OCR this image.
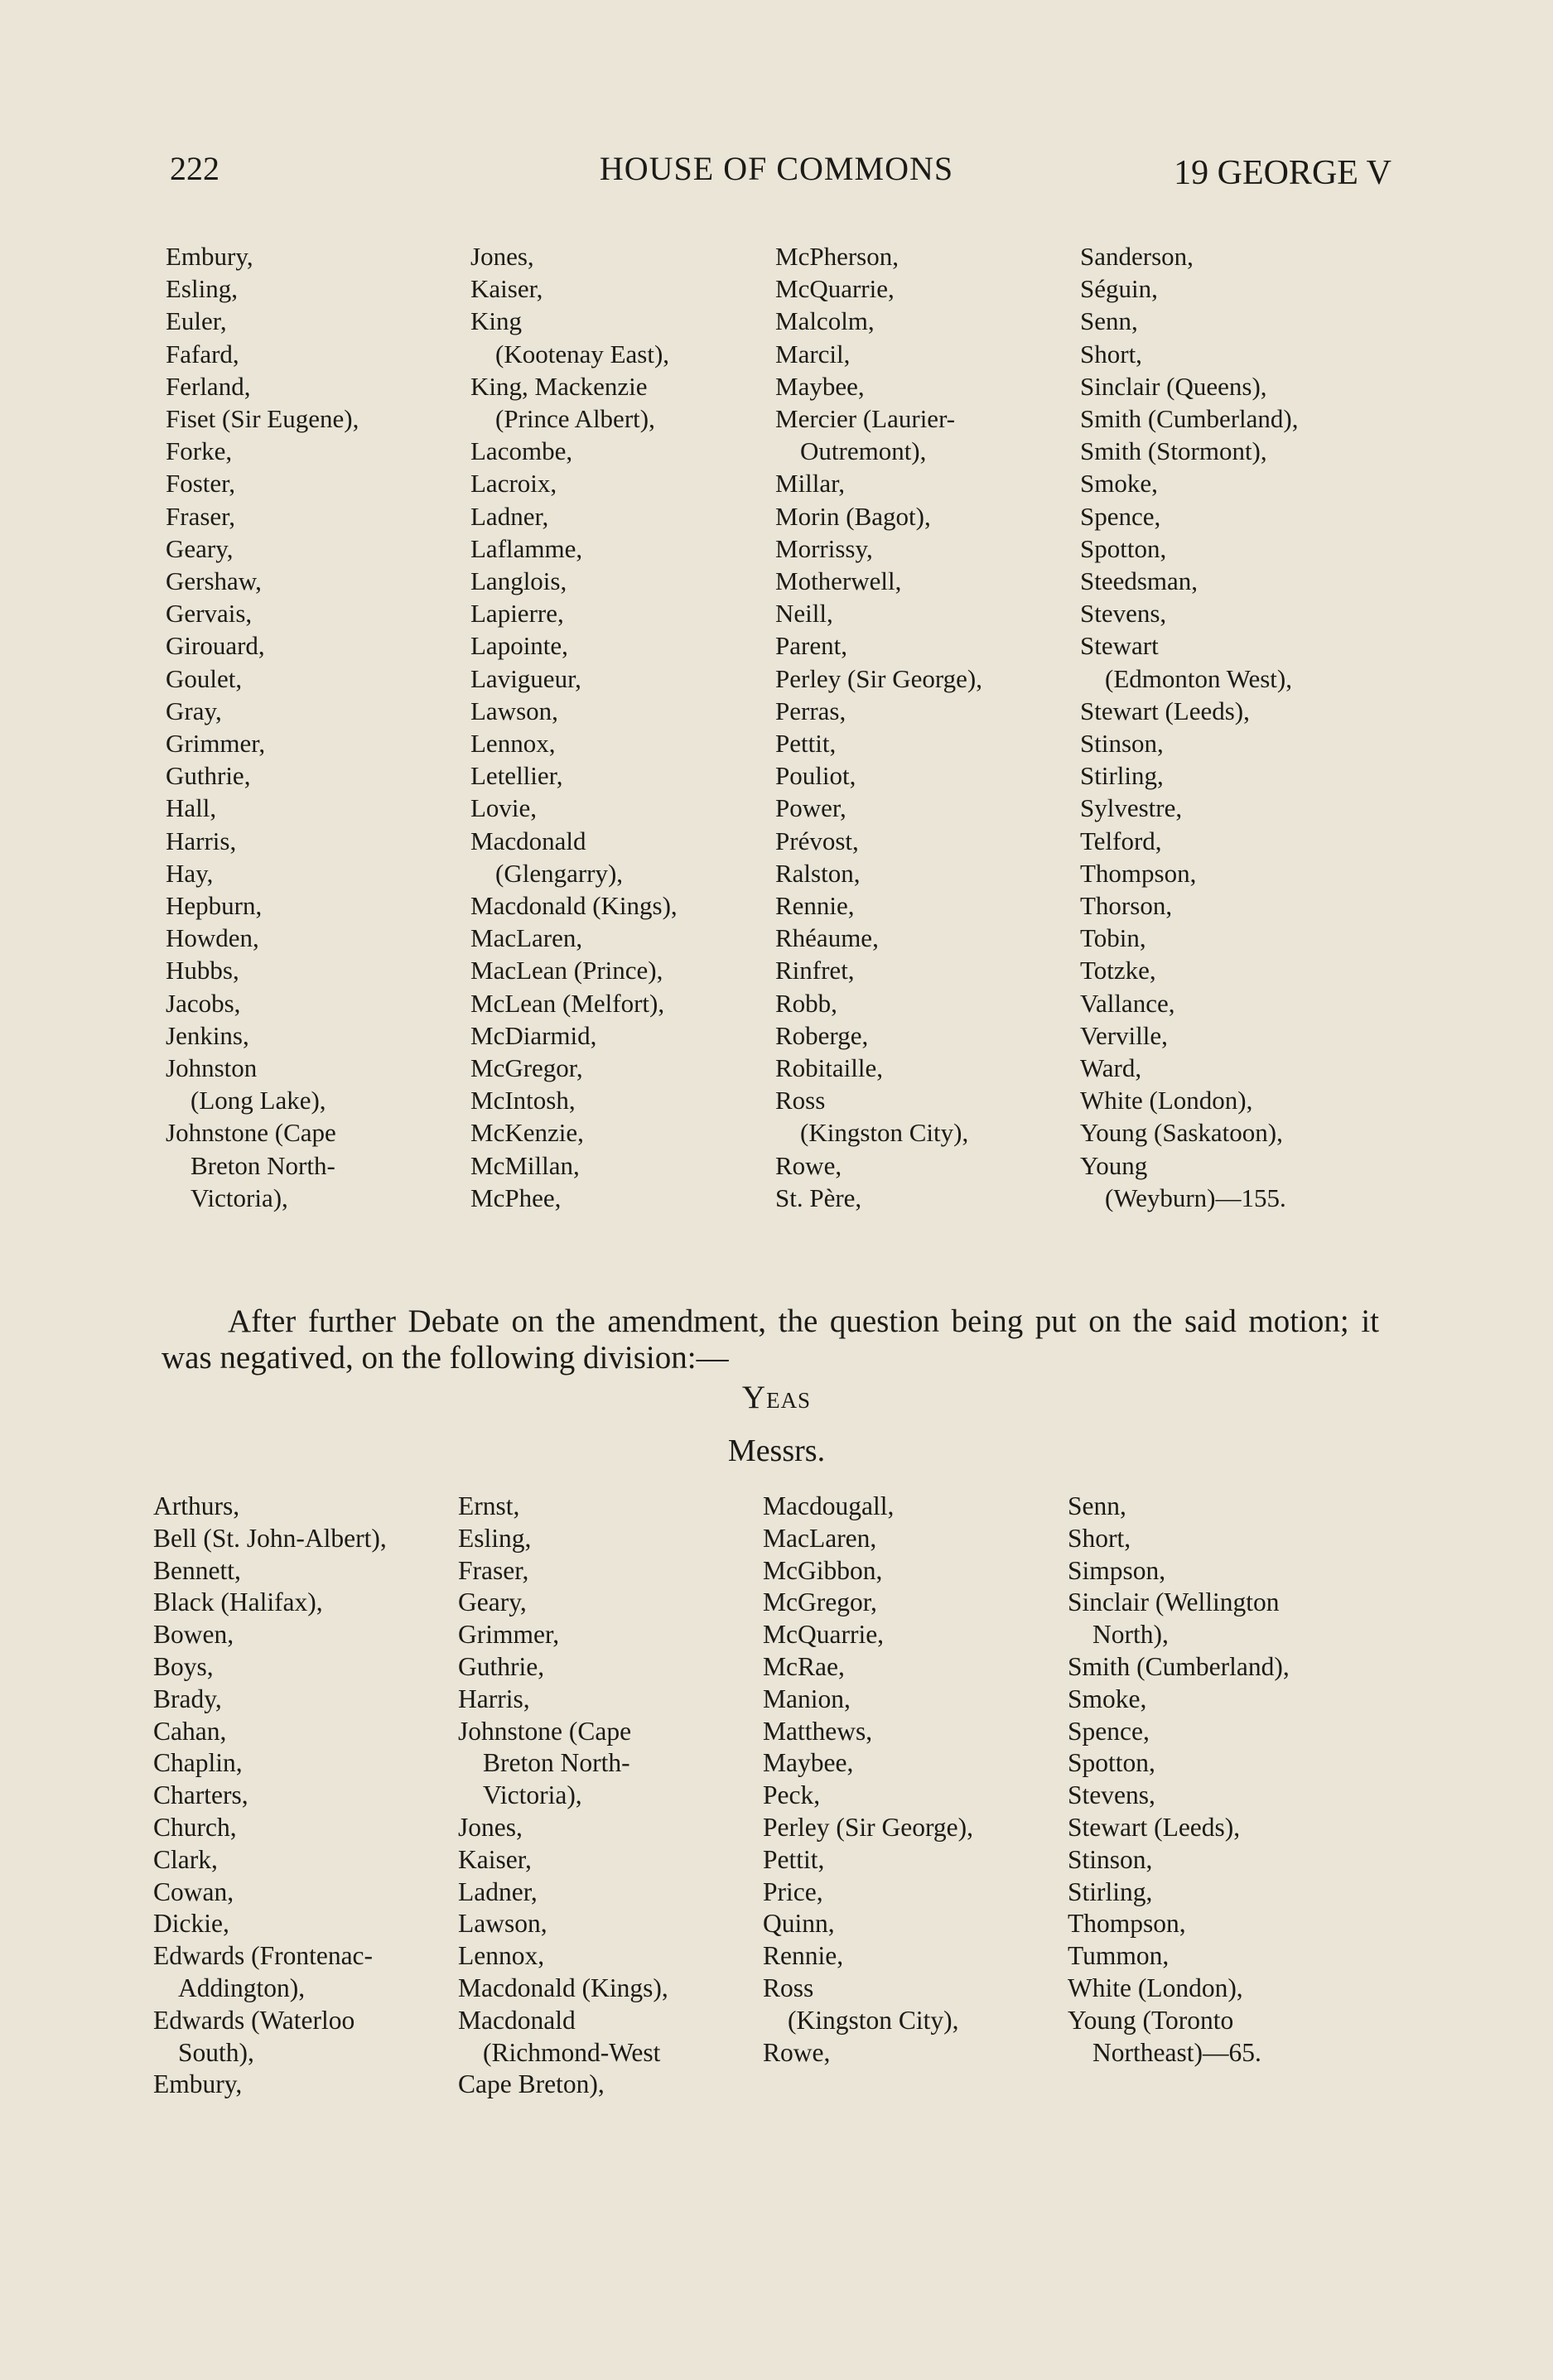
222	HOUSE OF COMMONS	19 GEORGE V
Embury,
Esling,
Euler,
Fafard,
Ferland,
Fiset (Sir Eugene),
Forke,
Foster,
Fraser,
Geary,
Gershaw,
Gervais,
Girouard,
Goulet,
Gray,
Grimmer,
Guthrie,
Hall,
Harris,
Hay,
Hepburn,
Howden,
Hubbs,
Jacobs,
Jenkins,
Johnston
(Long Lake),
Johnstone (Cape
Breton North-
Victoria),
Jones,
Kaiser,
King
(Kootenay East),
King, Mackenzie
(Prince Albert),
Lacombe,
Lacroix,
Ladner,
Laflamme,
Langlois,
Lapierre,
Lapointe,
Lavigueur,
Lawson,
Lennox,
Letellier,
Lovie,
Macdonald
(Glengarry),
Macdonald (Kings),
MacLaren,
MacLean (Prince),
McLean (Melfort),
McDiarmid,
McGregor,
McIntosh,
McKenzie,
McMillan,
McPhee,
McPherson,
McQuarrie,
Malcolm,
Marcil,
Maybee,
Mercier (Laurier-
Outremont),
Millar,
Morin (Bagot),
Morrissy,
Motherwell,
Neill,
Parent,
Perley (Sir George),
Perras,
Pettit,
Pouliot,
Power,
Prévost,
Ralston,
Rennie,
Rhéaume,
Rinfret,
Robb,
Roberge,
Robitaille,
Ross
(Kingston City),
Rowe,
St. Père,
Sanderson,
Séguin,
Senn,
Short,
Sinclair (Queens),
Smith (Cumberland),
Smith (Stormont),
Smoke,
Spence,
Spotton,
Steedsman,
Stevens,
Stewart
(Edmonton West),
Stewart (Leeds),
Stinson,
Stirling,
Sylvestre,
Telford,
Thompson,
Thorson,
Tobin,
Totzke,
Vallance,
Verville,
Ward,
White (London),
Young (Saskatoon),
Young
(Weyburn)—155.

After further Debate on the amendment, the question being put on the said motion; it was negatived, on the following division:—

Yeas
Messrs.
Arthurs,
Bell (St. John-Albert),
Bennett,
Black (Halifax),
Bowen,
Boys,
Brady,
Cahan,
Chaplin,
Charters,
Church,
Clark,
Cowan,
Dickie,
Edwards (Frontenac-
Addington),
Edwards (Waterloo
South),
Embury,
Ernst,
Esling,
Fraser,
Geary,
Grimmer,
Guthrie,
Harris,
Johnstone (Cape
Breton North-
Victoria),
Jones,
Kaiser,
Ladner,
Lawson,
Lennox,
Macdonald (Kings),
Macdonald
(Richmond-West
Cape Breton),
Macdougall,
MacLaren,
McGibbon,
McGregor,
McQuarrie,
McRae,
Manion,
Matthews,
Maybee,
Peck,
Perley (Sir George),
Pettit,
Price,
Quinn,
Rennie,
Ross
(Kingston City),
Rowe,
Senn,
Short,
Simpson,
Sinclair (Wellington
North),
Smith (Cumberland),
Smoke,
Spence,
Spotton,
Stevens,
Stewart (Leeds),
Stinson,
Stirling,
Thompson,
Tummon,
White (London),
Young (Toronto
Northeast)—65.
